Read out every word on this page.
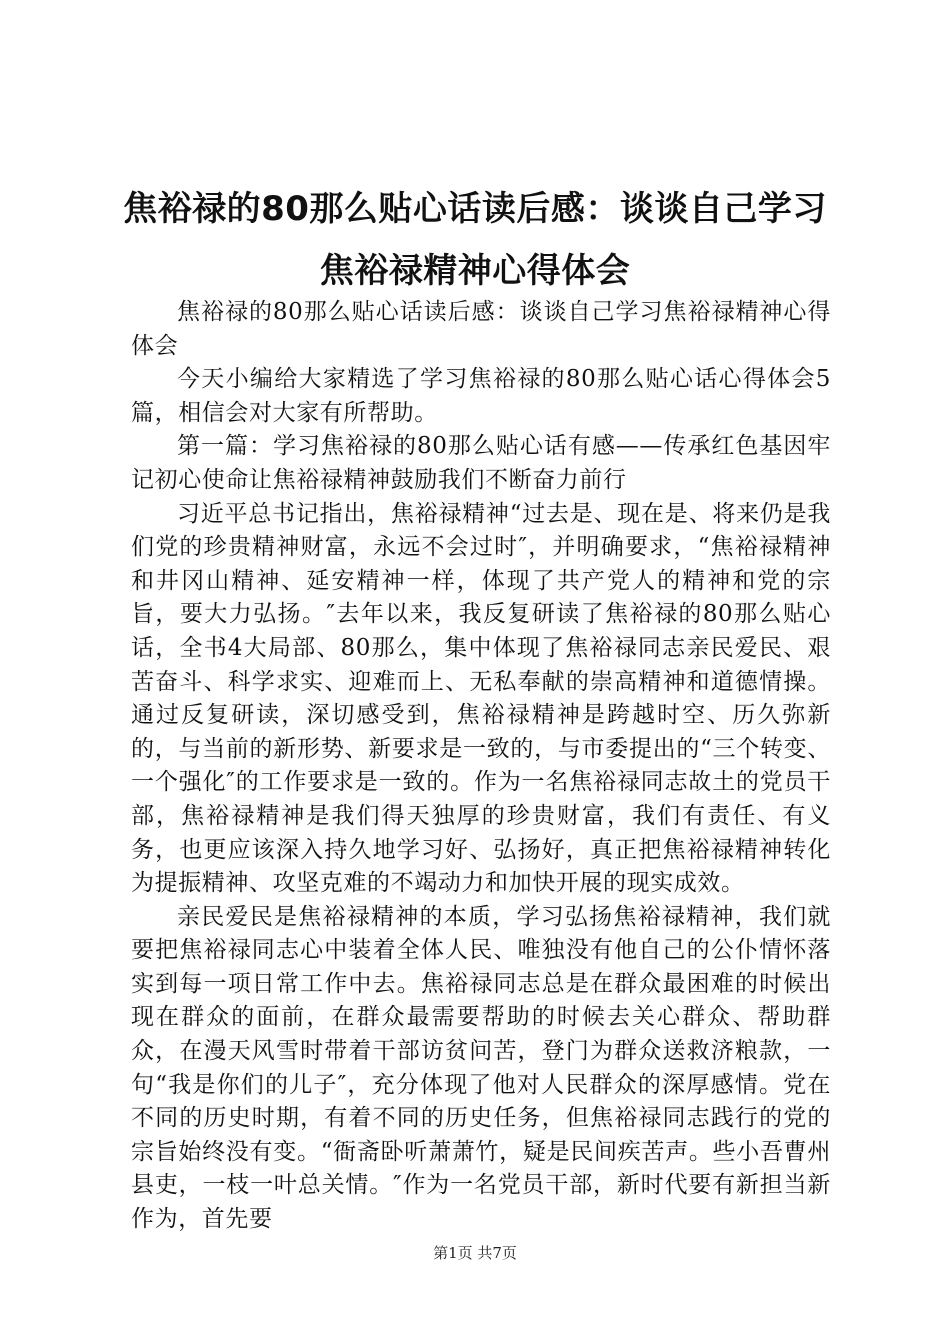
焦裕禄的80那么贴心话读后感：谈谈自己学习焦裕禄精神心得体会

焦裕禄的80那么贴心话读后感：谈谈自己学习焦裕禄精神心得体会

今天小编给大家精选了学习焦裕禄的80那么贴心话心得体会5篇，相信会对大家有所帮助。

第一篇：学习焦裕禄的80那么贴心话有感——传承红色基因牢记初心使命让焦裕禄精神鼓励我们不断奋力前行

习近平总书记指出，焦裕禄精神“过去是、现在是、将来仍是我们党的珍贵精神财富，永远不会过时″，并明确要求，“焦裕禄精神和井冈山精神、延安精神一样，体现了共产党人的精神和党的宗旨，要大力弘扬。″去年以来，我反复研读了焦裕禄的80那么贴心话，全书4大局部、80那么，集中体现了焦裕禄同志亲民爱民、艰苦奋斗、科学求实、迎难而上、无私奉献的崇高精神和道德情操。通过反复研读，深切感受到，焦裕禄精神是跨越时空、历久弥新的，与当前的新形势、新要求是一致的，与市委提出的“三个转变、一个强化″的工作要求是一致的。作为一名焦裕禄同志故土的党员干部，焦裕禄精神是我们得天独厚的珍贵财富，我们有责任、有义务，也更应该深入持久地学习好、弘扬好，真正把焦裕禄精神转化为提振精神、攻坚克难的不竭动力和加快开展的现实成效。

亲民爱民是焦裕禄精神的本质，学习弘扬焦裕禄精神，我们就要把焦裕禄同志心中装着全体人民、唯独没有他自己的公仆情怀落实到每一项日常工作中去。焦裕禄同志总是在群众最困难的时候出现在群众的面前，在群众最需要帮助的时候去关心群众、帮助群众，在漫天风雪时带着干部访贫问苦，登门为群众送救济粮款，一句“我是你们的儿子″，充分体现了他对人民群众的深厚感情。党在不同的历史时期，有着不同的历史任务，但焦裕禄同志践行的党的宗旨始终没有变。“衙斋卧听萧萧竹，疑是民间疾苦声。些小吾曹州县吏，一枝一叶总关情。″作为一名党员干部，新时代要有新担当新作为，首先要

第1页 共7页
